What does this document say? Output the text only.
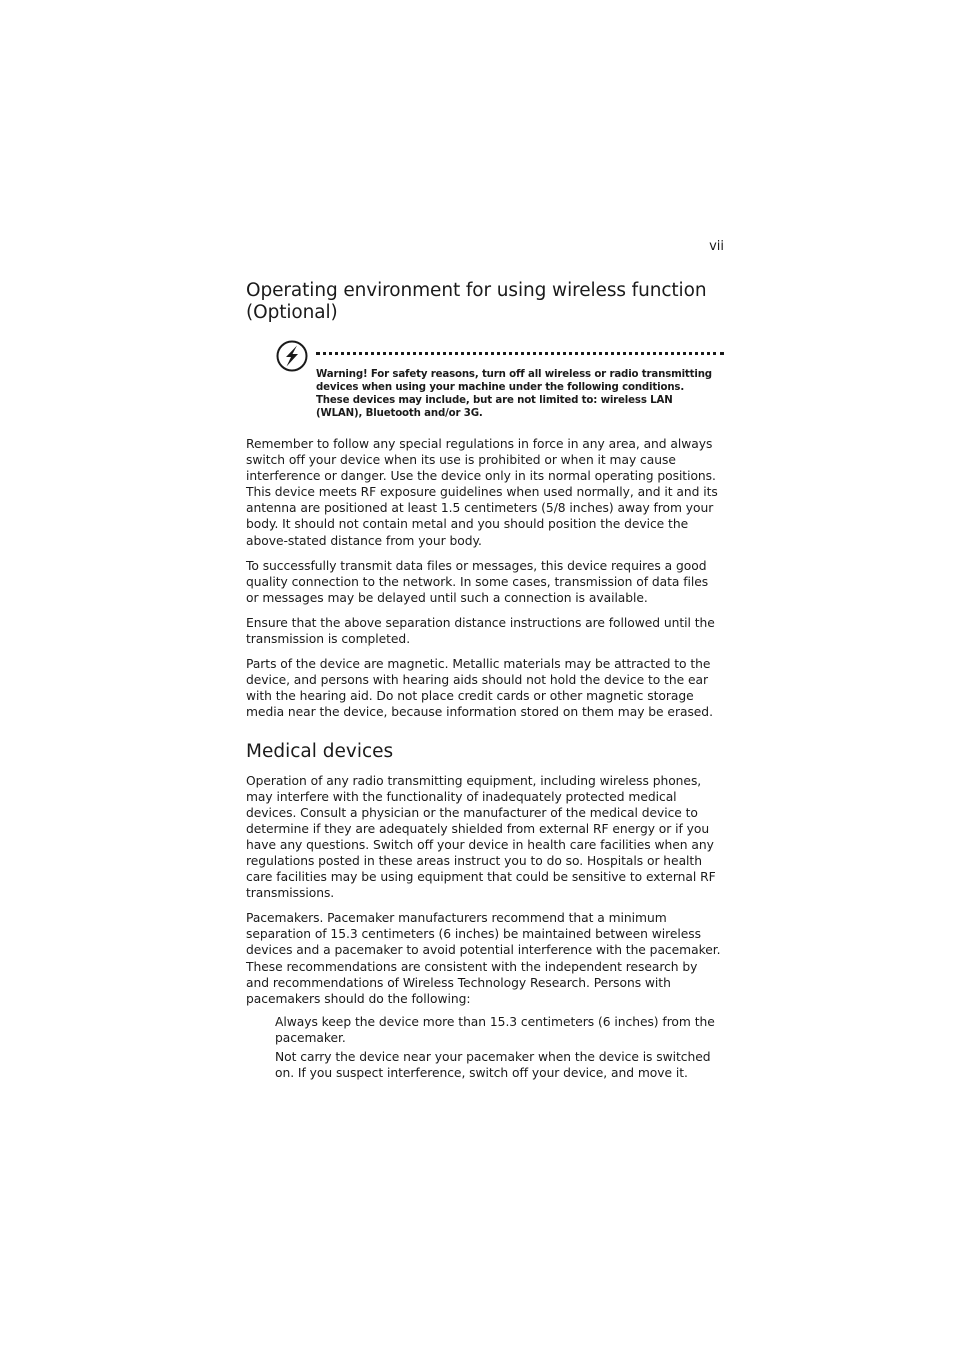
vii
Operating environment for using wireless function (Optional)
Warning! For safety reasons, turn off all wireless or radio transmitting devices when using your machine under the following conditions. These devices may include, but are not limited to: wireless LAN (WLAN), Bluetooth and/or 3G.

Remember to follow any special regulations in force in any area, and always switch off your device when its use is prohibited or when it may cause interference or danger. Use the device only in its normal operating positions. This device meets RF exposure guidelines when used normally, and it and its antenna are positioned at least 1.5 centimeters (5/8 inches) away from your body. It should not contain metal and you should position the device the above-stated distance from your body.

To successfully transmit data files or messages, this device requires a good quality connection to the network. In some cases, transmission of data files or messages may be delayed until such a connection is available.

Ensure that the above separation distance instructions are followed until the transmission is completed.

Parts of the device are magnetic. Metallic materials may be attracted to the device, and persons with hearing aids should not hold the device to the ear with the hearing aid. Do not place credit cards or other magnetic storage media near the device, because information stored on them may be erased.

Medical devices

Operation of any radio transmitting equipment, including wireless phones, may interfere with the functionality of inadequately protected medical devices. Consult a physician or the manufacturer of the medical device to determine if they are adequately shielded from external RF energy or if you have any questions. Switch off your device in health care facilities when any regulations posted in these areas instruct you to do so. Hospitals or health care facilities may be using equipment that could be sensitive to external RF transmissions.

Pacemakers. Pacemaker manufacturers recommend that a minimum separation of 15.3 centimeters (6 inches) be maintained between wireless devices and a pacemaker to avoid potential interference with the pacemaker. These recommendations are consistent with the independent research by and recommendations of Wireless Technology Research. Persons with pacemakers should do the following:

Always keep the device more than 15.3 centimeters (6 inches) from the pacemaker.
Not carry the device near your pacemaker when the device is switched on. If you suspect interference, switch off your device, and move it.
